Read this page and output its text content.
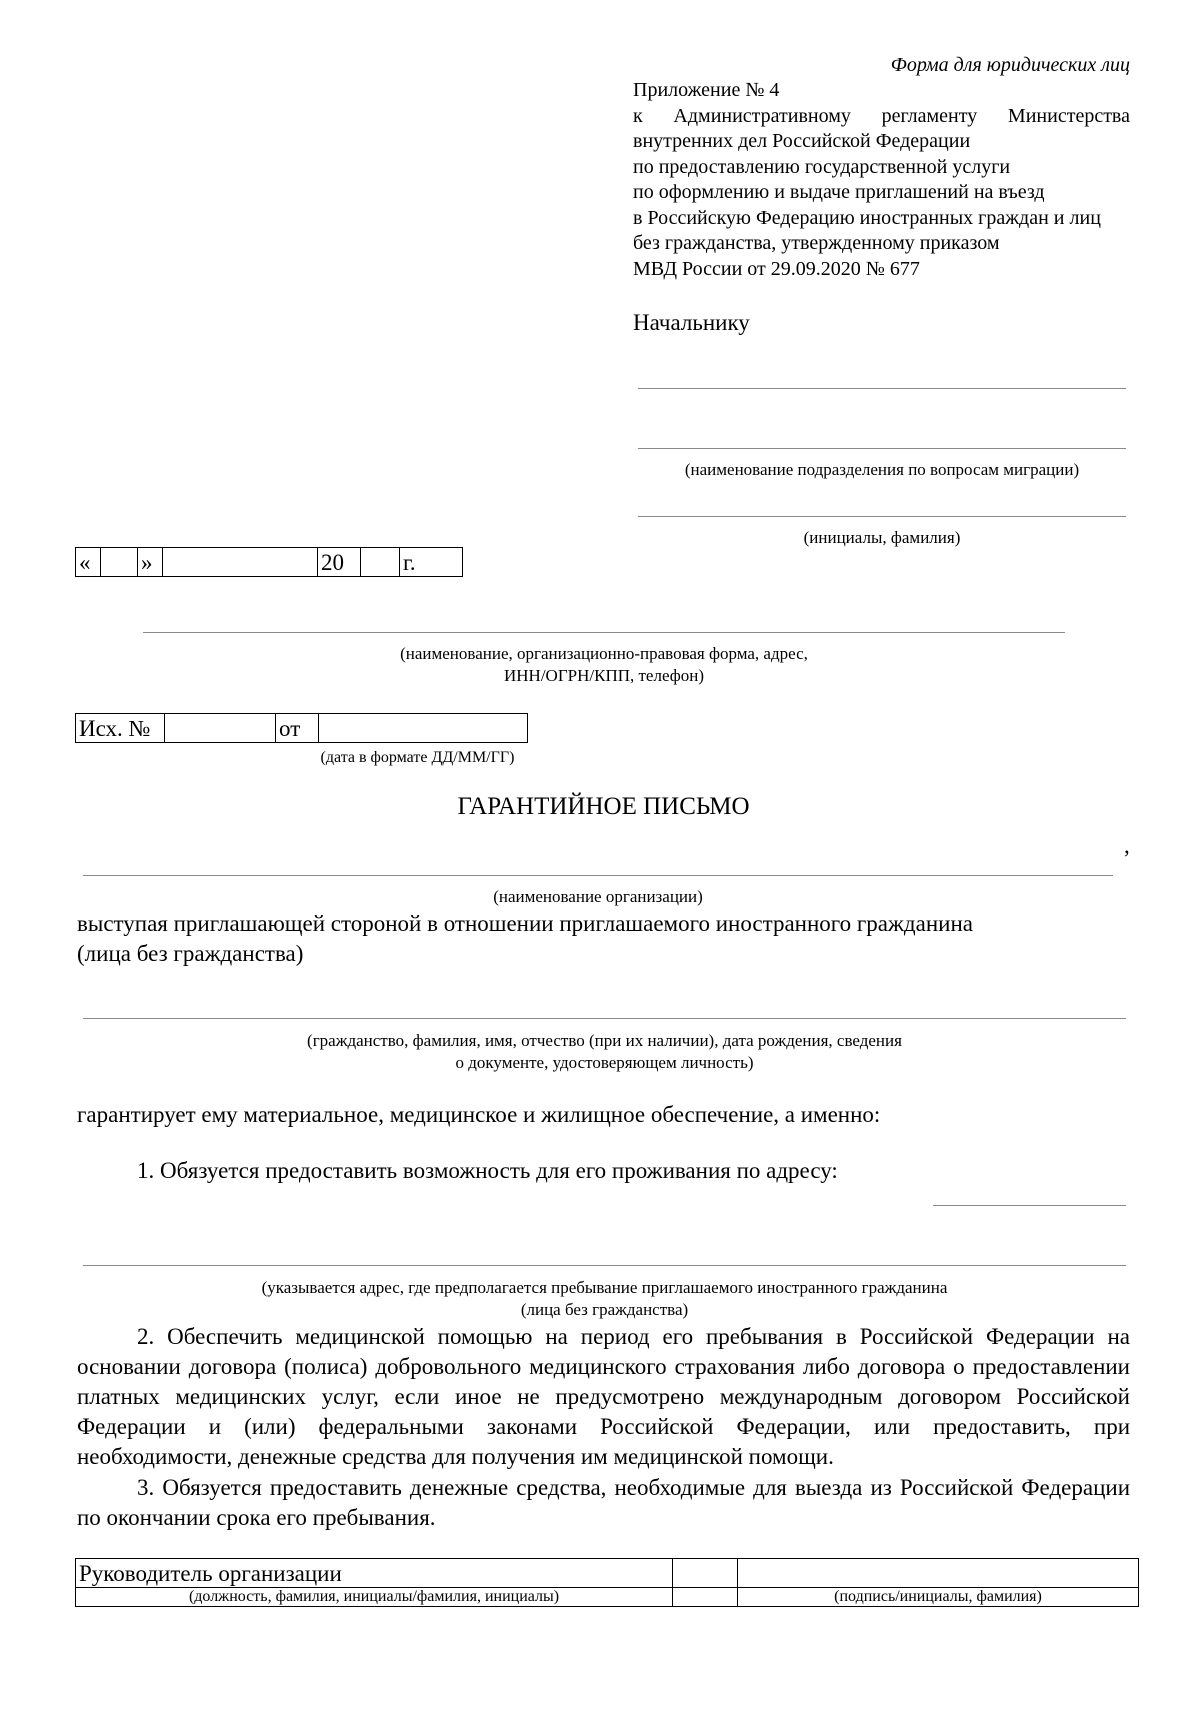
Форма для юридических лиц
Приложение № 4
к Административному регламенту Министерства
внутренних дел Российской Федерации
по предоставлению государственной услуги
по оформлению и выдаче приглашений на въезд
в Российскую Федерацию иностранных граждан и лиц
без гражданства, утвержденному приказом
МВД России от 29.09.2020 № 677
Начальнику
(наименование подразделения по вопросам миграции)
(инициалы, фамилия)
«		»		20		г.
(наименование, организационно-правовая форма, адрес,
ИНН/ОГРН/КПП, телефон)
Исх. №		от	
(дата в формате ДД/ММ/ГГ)
ГАРАНТИЙНОЕ ПИСЬМО
,
(наименование организации)
выступая приглашающей стороной в отношении приглашаемого иностранного гражданина
(лица без гражданства)
(гражданство, фамилия, имя, отчество (при их наличии), дата рождения, сведения
о документе, удостоверяющем личность)
гарантирует ему материальное, медицинское и жилищное обеспечение, а именно:
1. Обязуется предоставить возможность для его проживания по адресу:
(указывается адрес, где предполагается пребывание приглашаемого иностранного гражданина
(лица без гражданства)
2. Обеспечить медицинской помощью на период его пребывания в Российской Федерации на основании договора (полиса) добровольного медицинского страхования либо договора о предоставлении платных медицинских услуг, если иное не предусмотрено международным договором Российской Федерации и (или) федеральными законами Российской Федерации, или предоставить, при необходимости, денежные средства для получения им медицинской помощи.
3. Обязуется предоставить денежные средства, необходимые для выезда из Российской Федерации по окончании срока его пребывания.
Руководитель организации		
(должность, фамилия, инициалы/фамилия, инициалы)		(подпись/инициалы, фамилия)
